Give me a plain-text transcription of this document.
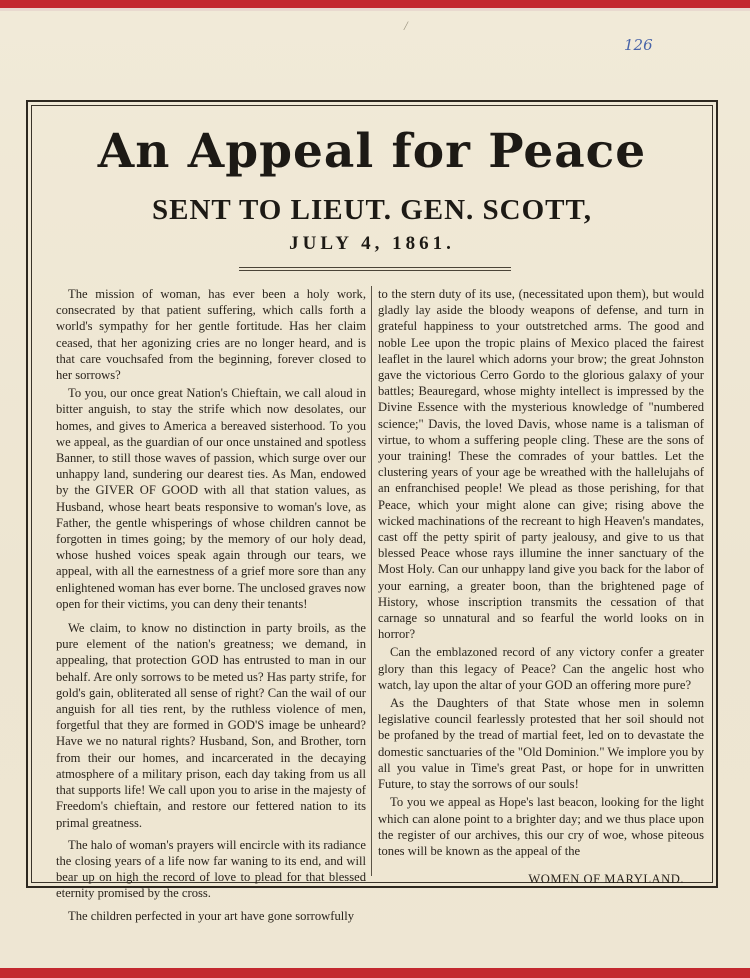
/
126
An Appeal for Peace
SENT TO LIEUT. GEN. SCOTT,
JULY 4, 1861.

The mission of woman, has ever been a holy work, consecrated by that patient suffering, which calls forth a world's sympathy for her gentle fortitude. Has her claim ceased, that her agonizing cries are no longer heard, and is that care vouchsafed from the beginning, forever closed to her sorrows?

To you, our once great Nation's Chieftain, we call aloud in bitter anguish, to stay the strife which now desolates, our homes, and gives to America a bereaved sisterhood. To you we appeal, as the guardian of our once unstained and spotless Banner, to still those waves of passion, which surge over our unhappy land, sundering our dearest ties. As Man, endowed by the GIVER OF GOOD with all that station values, as Husband, whose heart beats responsive to woman's love, as Father, the gentle whisperings of whose children cannot be forgotten in times going; by the memory of our holy dead, whose hushed voices speak again through our tears, we appeal, with all the earnestness of a grief more sore than any enlightened woman has ever borne. The unclosed graves now open for their victims, you can deny their tenants!

We claim, to know no distinction in party broils, as the pure element of the nation's greatness; we demand, in appealing, that protection GOD has entrusted to man in our behalf. Are only sorrows to be meted us? Has party strife, for gold's gain, obliterated all sense of right? Can the wail of our anguish for all ties rent, by the ruthless violence of men, forgetful that they are formed in GOD'S image be unheard? Have we no natural rights? Husband, Son, and Brother, torn from their our homes, and incarcerated in the decaying atmosphere of a military prison, each day taking from us all that supports life! We call upon you to arise in the majesty of Freedom's chieftain, and restore our fettered nation to its primal greatness.

The halo of woman's prayers will encircle with its radiance the closing years of a life now far waning to its end, and will bear up on high the record of love to plead for that blessed eternity promised by the cross.

The children perfected in your art have gone sorrowfully

to the stern duty of its use, (necessitated upon them), but would gladly lay aside the bloody weapons of defense, and turn in grateful happiness to your outstretched arms. The good and noble Lee upon the tropic plains of Mexico placed the fairest leaflet in the laurel which adorns your brow; the great Johnston gave the victorious Cerro Gordo to the glorious galaxy of your battles; Beauregard, whose mighty intellect is impressed by the Divine Essence with the mysterious knowledge of "numbered science;" Davis, the loved Davis, whose name is a talisman of virtue, to whom a suffering people cling. These are the sons of your training! These the comrades of your battles. Let the clustering years of your age be wreathed with the hallelujahs of an enfranchised people! We plead as those perishing, for that Peace, which your might alone can give; rising above the wicked machinations of the recreant to high Heaven's mandates, cast off the petty spirit of party jealousy, and give to us that blessed Peace whose rays illumine the inner sanctuary of the Most Holy. Can our unhappy land give you back for the labor of your earning, a greater boon, than the brightened page of History, whose inscription transmits the cessation of that carnage so unnatural and so fearful the world looks on in horror?

Can the emblazoned record of any victory confer a greater glory than this legacy of Peace? Can the angelic host who watch, lay upon the altar of your GOD an offering more pure?

As the Daughters of that State whose men in solemn legislative council fearlessly protested that her soil should not be profaned by the tread of martial feet, led on to devastate the domestic sanctuaries of the "Old Dominion." We implore you by all you value in Time's great Past, or hope for in unwritten Future, to stay the sorrows of our souls!

To you we appeal as Hope's last beacon, looking for the light which can alone point to a brighter day; and we thus place upon the register of our archives, this our cry of woe, whose piteous tones will be known as the appeal of the

WOMEN OF MARYLAND.
